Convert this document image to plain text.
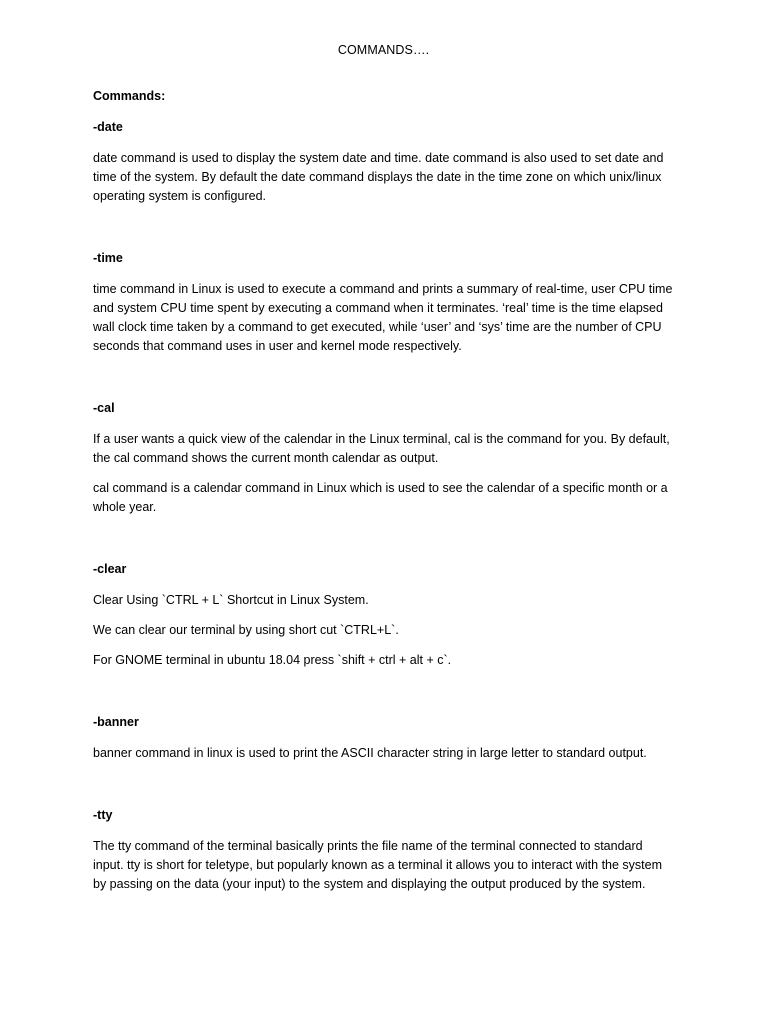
COMMANDS….
Commands:
-date

date command is used to display the system date and time. date command is also used to set date and time of the system. By default the date command displays the date in the time zone on which unix/linux operating system is configured.

-time

time command in Linux is used to execute a command and prints a summary of real-time, user CPU time and system CPU time spent by executing a command when it terminates. ‘real’ time is the time elapsed wall clock time taken by a command to get executed, while ‘user’ and ‘sys’ time are the number of CPU seconds that command uses in user and kernel mode respectively.

-cal

If a user wants a quick view of the calendar in the Linux terminal, cal is the command for you. By default, the cal command shows the current month calendar as output.

cal command is a calendar command in Linux which is used to see the calendar of a specific month or a whole year.

-clear

Clear Using `CTRL + L` Shortcut in Linux System.

We can clear our terminal by using short cut `CTRL+L`.

For GNOME terminal in ubuntu 18.04 press `shift + ctrl + alt + c`.

-banner

banner command in linux is used to print the ASCII character string in large letter to standard output.

-tty

The tty command of the terminal basically prints the file name of the terminal connected to standard input. tty is short for teletype, but popularly known as a terminal it allows you to interact with the system by passing on the data (your input) to the system and displaying the output produced by the system.
